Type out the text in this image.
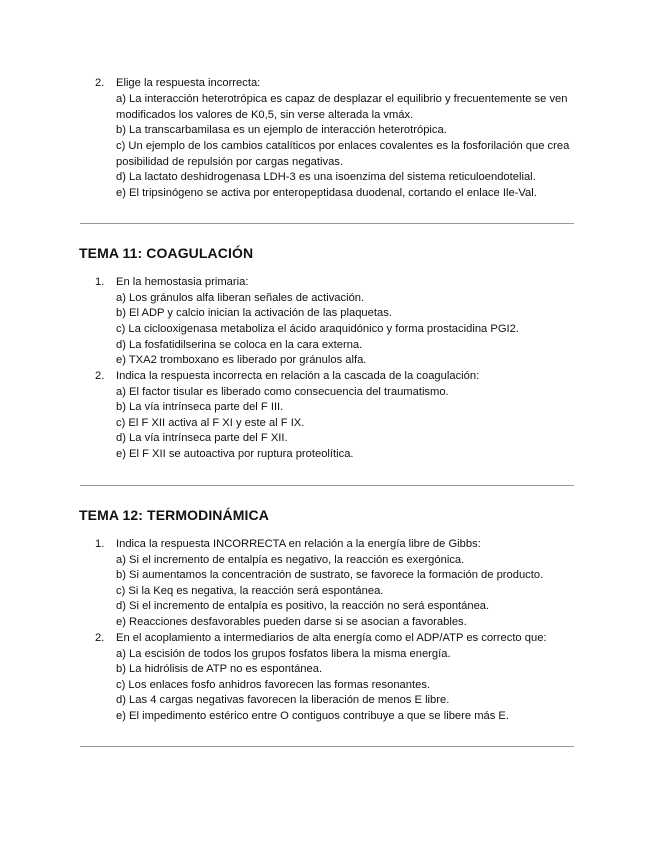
2. Elige la respuesta incorrecta:
a) La interacción heterotrópica es capaz de desplazar el equilibrio y frecuentemente se ven modificados los valores de K0,5, sin verse alterada la vmáx.
b) La transcarbamilasa es un ejemplo de interacción heterotrópica.
c) Un ejemplo de los cambios catalíticos por enlaces covalentes es la fosforilación que crea posibilidad de repulsión por cargas negativas.
d) La lactato deshidrogenasa LDH-3 es una isoenzima del sistema reticuloendotelial.
e) El tripsinógeno se activa por enteropeptidasa duodenal, cortando el enlace Ile-Val.
TEMA 11: COAGULACIÓN
1. En la hemostasia primaria:
a) Los gránulos alfa liberan señales de activación.
b) El ADP y calcio inician la activación de las plaquetas.
c) La ciclooxigenasa metaboliza el ácido araquidónico y forma prostacidina PGI2.
d) La fosfatidilserina se coloca en la cara externa.
e) TXA2 tromboxano es liberado por gránulos alfa.
2. Indica la respuesta incorrecta en relación a la cascada de la coagulación:
a) El factor tisular es liberado como consecuencia del traumatismo.
b) La vía intrínseca parte del F III.
c) El F XII activa al F XI y este al F IX.
d) La vía intrínseca parte del F XII.
e) El F XII se autoactiva por ruptura proteolítica.
TEMA 12: TERMODINÁMICA
1. Indica la respuesta INCORRECTA en relación a la energía libre de Gibbs:
a) Si el incremento de entalpía es negativo, la reacción es exergónica.
b) Si aumentamos la concentración de sustrato, se favorece la formación de producto.
c) Si la Keq es negativa, la reacción será espontánea.
d) Si el incremento de entalpía es positivo, la reacción no será espontánea.
e) Reacciones desfavorables pueden darse si se asocian a favorables.
2. En el acoplamiento a intermediarios de alta energía como el ADP/ATP es correcto que:
a) La escisión de todos los grupos fosfatos libera la misma energía.
b) La hidrólisis de ATP no es espontánea.
c) Los enlaces fosfo anhidros favorecen las formas resonantes.
d) Las 4 cargas negativas favorecen la liberación de menos E libre.
e) El impedimento estérico entre O contiguos contribuye a que se libere más E.
